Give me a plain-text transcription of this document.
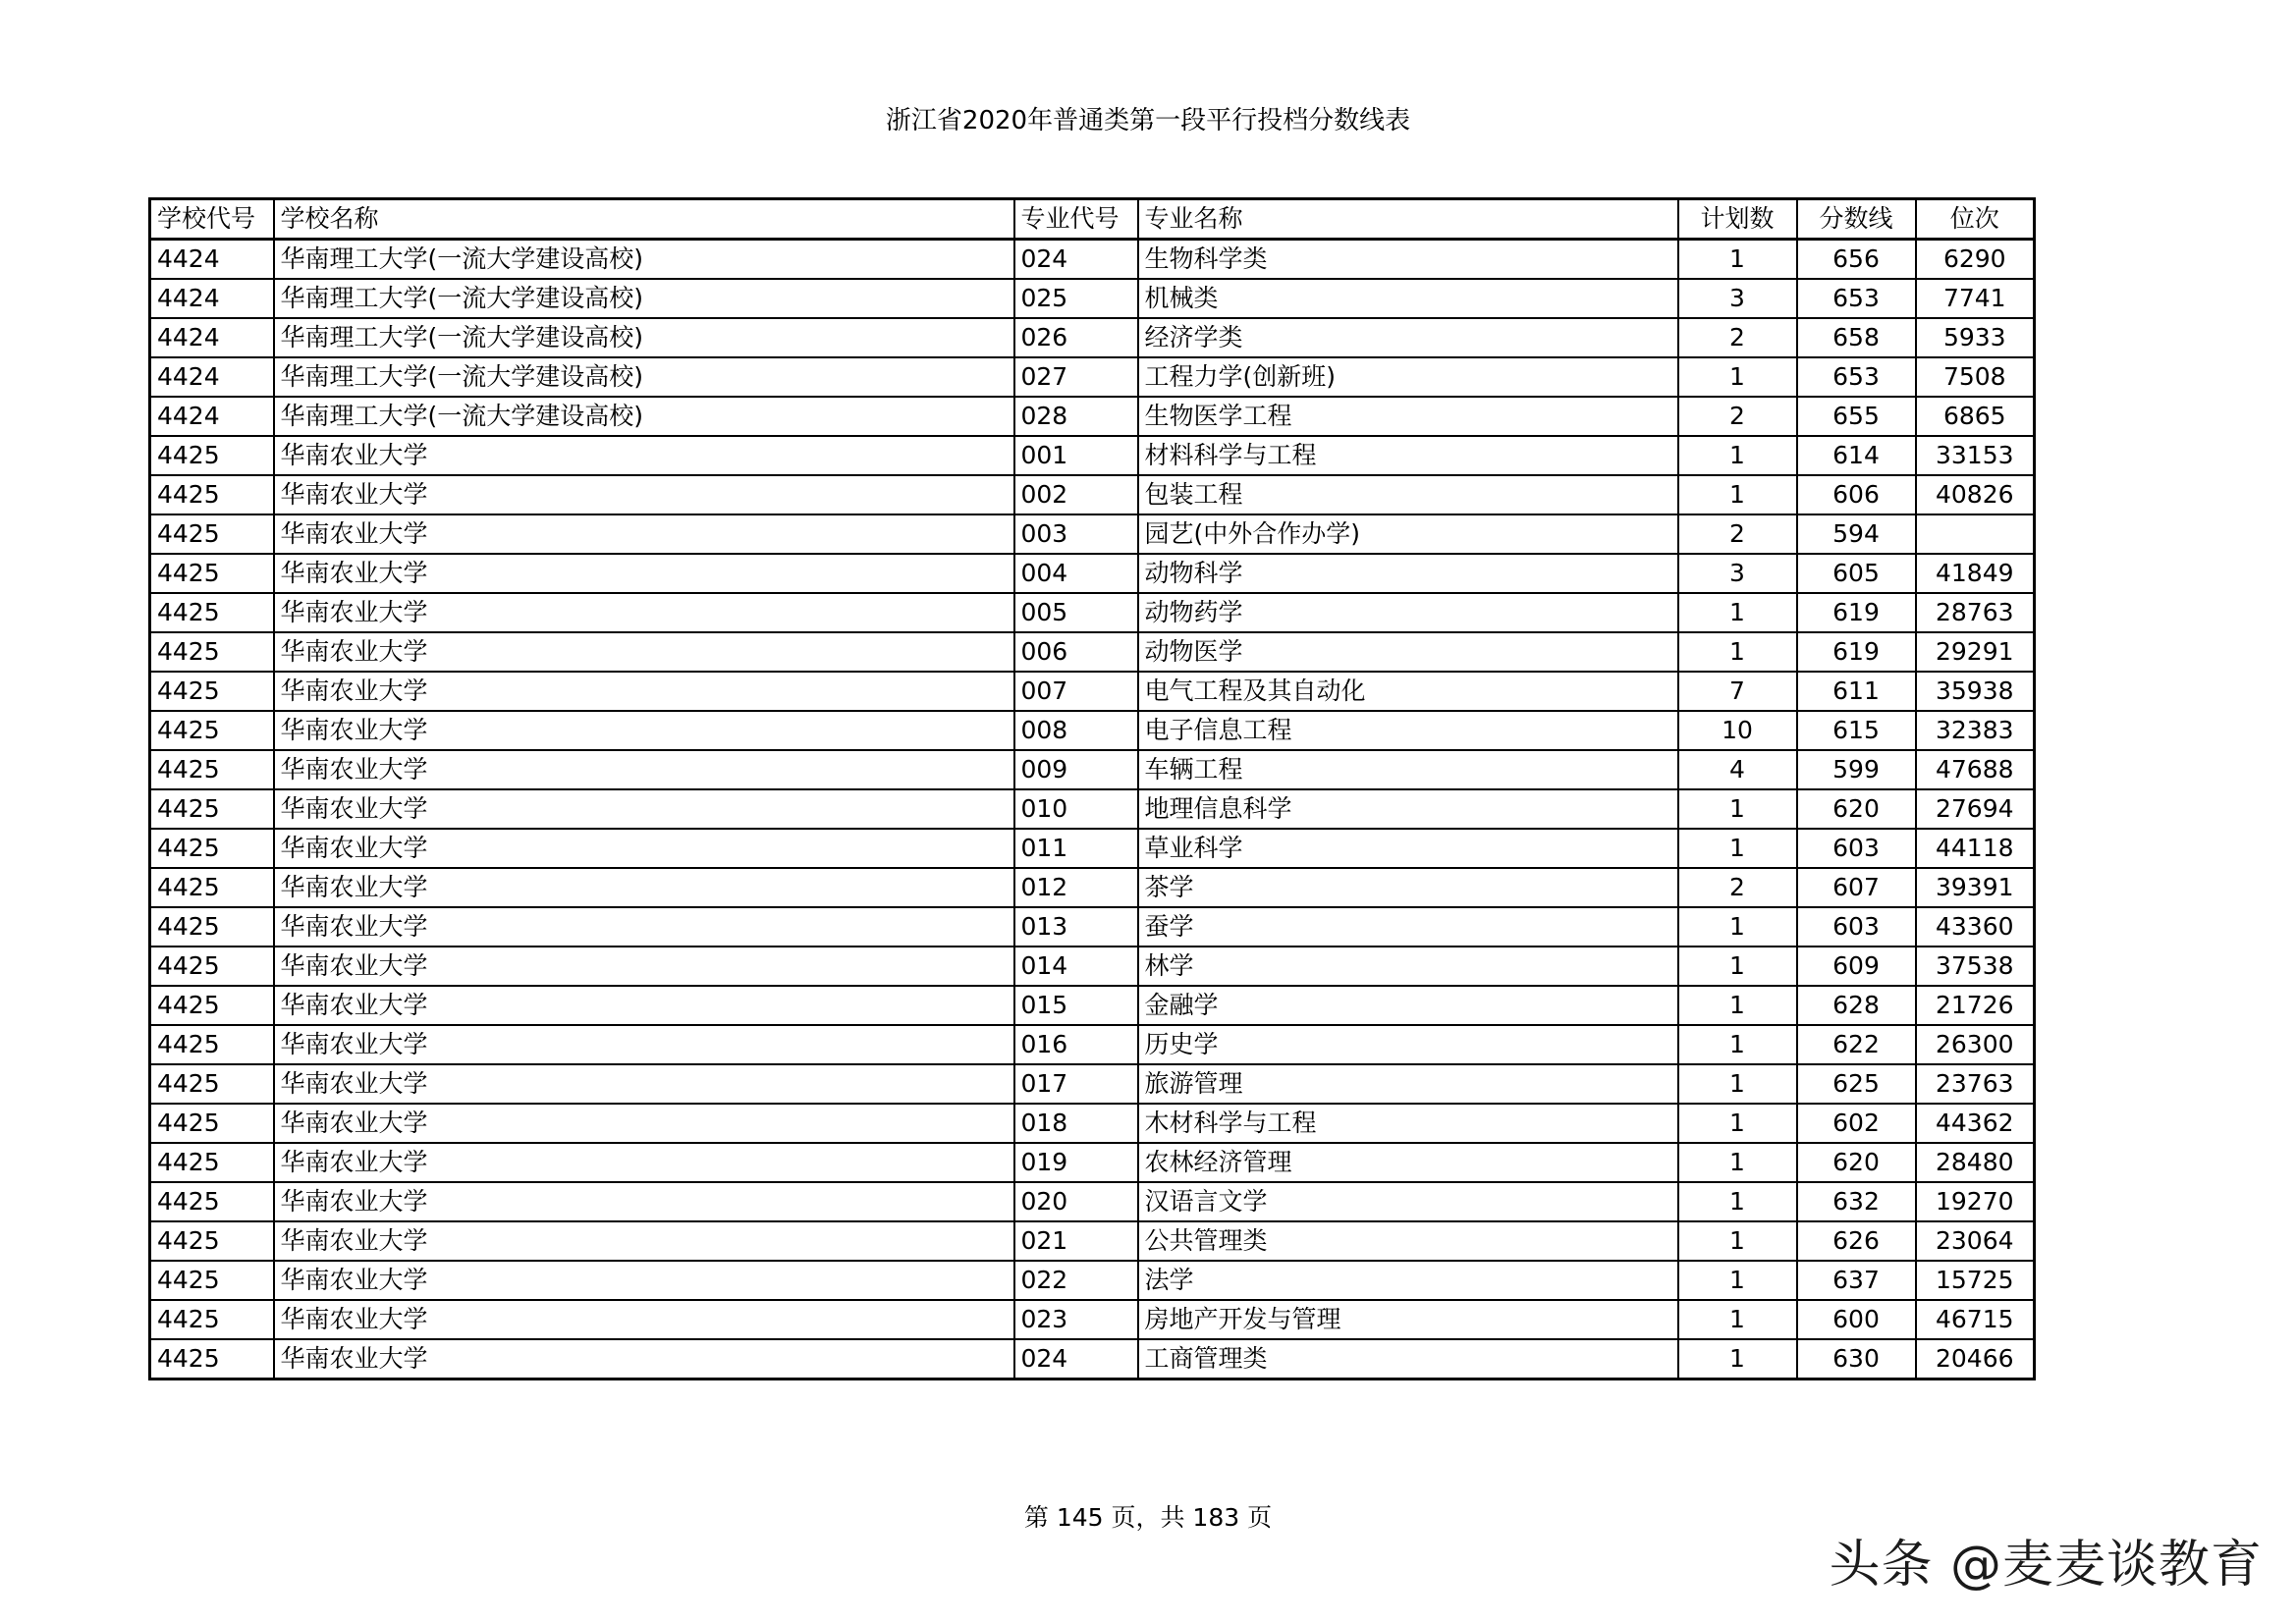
浙江省2020年普通类第一段平行投档分数线表
学校代号	学校名称	专业代号	专业名称	计划数	分数线	位次
4424	华南理工大学(一流大学建设高校)	024	生物科学类	1	656	6290
4424	华南理工大学(一流大学建设高校)	025	机械类	3	653	7741
4424	华南理工大学(一流大学建设高校)	026	经济学类	2	658	5933
4424	华南理工大学(一流大学建设高校)	027	工程力学(创新班)	1	653	7508
4424	华南理工大学(一流大学建设高校)	028	生物医学工程	2	655	6865
4425	华南农业大学	001	材料科学与工程	1	614	33153
4425	华南农业大学	002	包装工程	1	606	40826
4425	华南农业大学	003	园艺(中外合作办学)	2	594	
4425	华南农业大学	004	动物科学	3	605	41849
4425	华南农业大学	005	动物药学	1	619	28763
4425	华南农业大学	006	动物医学	1	619	29291
4425	华南农业大学	007	电气工程及其自动化	7	611	35938
4425	华南农业大学	008	电子信息工程	10	615	32383
4425	华南农业大学	009	车辆工程	4	599	47688
4425	华南农业大学	010	地理信息科学	1	620	27694
4425	华南农业大学	011	草业科学	1	603	44118
4425	华南农业大学	012	茶学	2	607	39391
4425	华南农业大学	013	蚕学	1	603	43360
4425	华南农业大学	014	林学	1	609	37538
4425	华南农业大学	015	金融学	1	628	21726
4425	华南农业大学	016	历史学	1	622	26300
4425	华南农业大学	017	旅游管理	1	625	23763
4425	华南农业大学	018	木材科学与工程	1	602	44362
4425	华南农业大学	019	农林经济管理	1	620	28480
4425	华南农业大学	020	汉语言文学	1	632	19270
4425	华南农业大学	021	公共管理类	1	626	23064
4425	华南农业大学	022	法学	1	637	15725
4425	华南农业大学	023	房地产开发与管理	1	600	46715
4425	华南农业大学	024	工商管理类	1	630	20466
第 145 页，共 183 页
头条 @麦麦谈教育
